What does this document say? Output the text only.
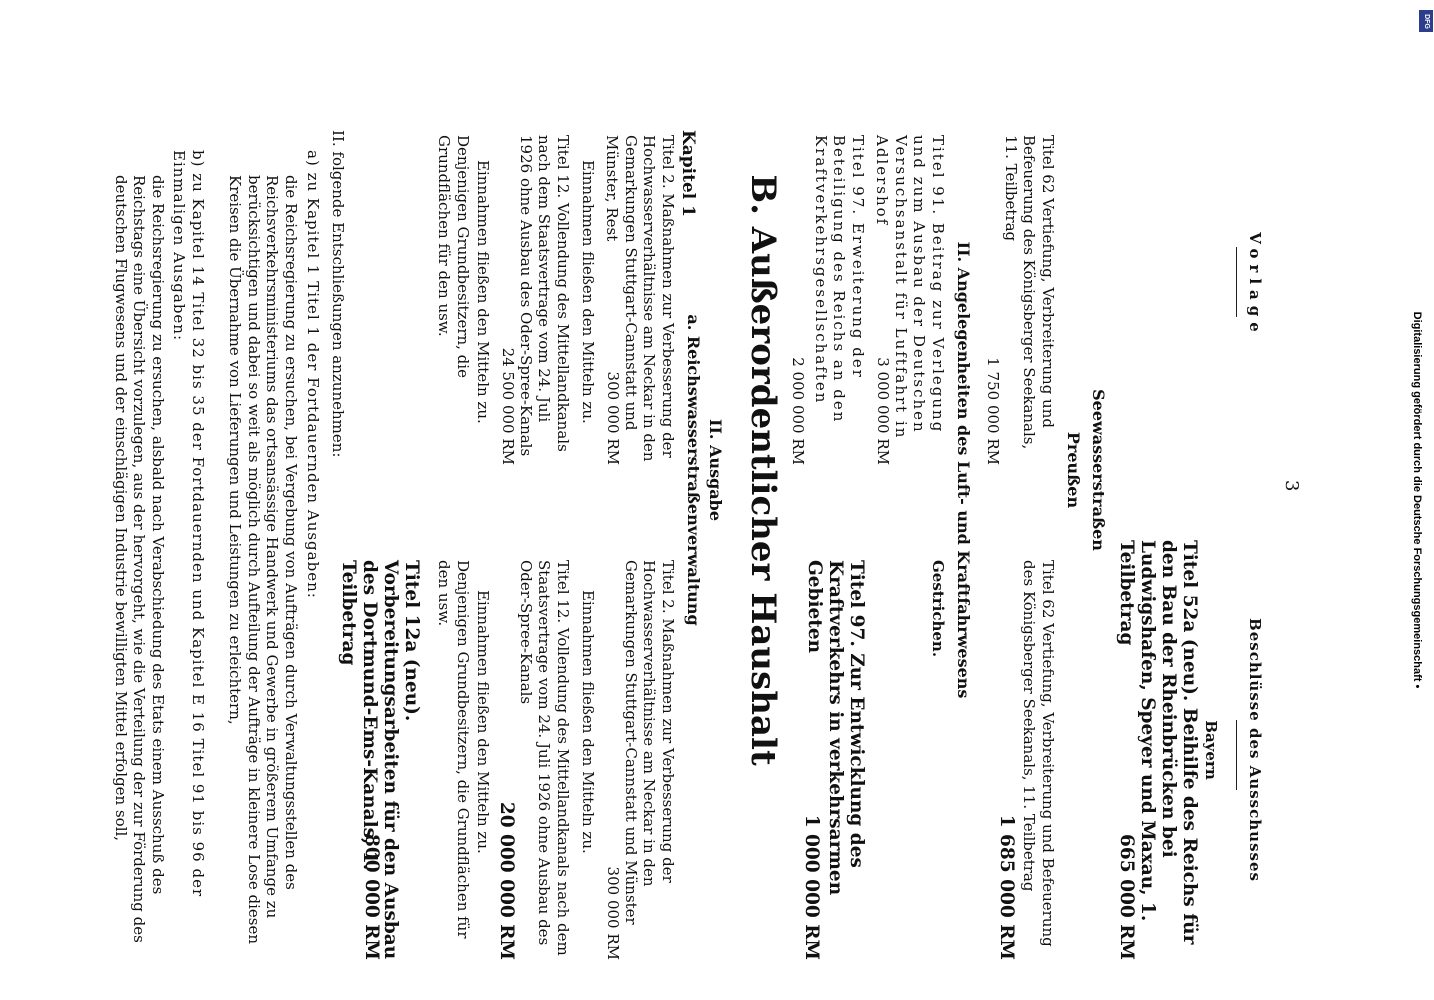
3
Vorlage
Beschlüsse des Ausschusses
Bayern
Titel 52a (neu). Beihilfe des Reichs für den Bau der Rheinbrücken bei Ludwigshafen, Speyer und Maxau, 1. Teilbetrag
665 000 RM
Seewasserstraßen
Preußen
Titel 62 Vertiefung, Verbreiterung und Befeuerung des Königsberger Seekanals, 11. Teilbetrag
1 750 000 RM
Titel 62 Vertiefung, Verbreiterung und Befeuerung des Königsberger Seekanals, 11. Teilbetrag
1 685 000 RM
II. Angelegenheiten des Luft- und Kraftfahrwesens
Titel 91. Beitrag zur Verlegung und zum Ausbau der Deutschen Versuchsanstalt für Luftfahrt in Adlershof
3 000 000 RM
Gestrichen.
Titel 97. Erweiterung der Beteiligung des Reichs an den Kraftverkehrsgesellschaften
2 000 000 RM
Titel 97. Zur Entwicklung des Kraftverkehrs in verkehrsarmen Gebieten
1 000 000 RM
B. Außerordentlicher Haushalt
II. Ausgabe
a. Reichswasserstraßenverwaltung
Kapitel 1
Titel 2. Maßnahmen zur Verbesserung der Hochwasserverhältnisse am Neckar in den Gemarkungen Stuttgart-Cannstatt und Münster, Rest
300 000 RM
Einnahmen fließen den Mitteln zu.
Titel 12. Vollendung des Mittellandkanals nach dem Staatsvertrage vom 24. Juli 1926 ohne Ausbau des Oder-Spree-Kanals
24 500 000 RM
Einnahmen fließen den Mitteln zu.
Denjenigen Grundbesitzern, die Grundflächen für den usw.
Titel 2. Maßnahmen zur Verbesserung der Hochwasserverhältnisse am Neckar in den Gemarkungen Stuttgart-Cannstatt und Münster
300 000 RM
Einnahmen fließen den Mitteln zu.
Titel 12. Vollendung des Mittellandkanals nach dem Staatsvertrage vom 24. Juli 1926 ohne Ausbau des Oder-Spree-Kanals
20 000 000 RM
Einnahmen fließen den Mitteln zu.
Denjenigen Grundbesitzern, die Grundflächen für den usw.
Titel 12a (neu). Vorbereitungsarbeiten für den Ausbau des Dortmund-Ems-Kanals, 1. Teilbetrag
800 000 RM
II. folgende Entschließungen anzunehmen:
a) zu Kapitel 1 Titel 1 der Fortdauernden Ausgaben:
die Reichsregierung zu ersuchen, bei Vergebung von Aufträgen durch Verwaltungsstellen des Reichsverkehrsministeriums das ortsansässige Handwerk und Gewerbe in größerem Umfange zu berücksichtigen und dabei so weit als möglich durch Aufteilung der Aufträge in kleinere Lose diesen Kreisen die Übernahme von Lieferungen und Leistungen zu erleichtern,
b) zu Kapitel 14 Titel 32 bis 35 der Fortdauernden und Kapitel E 16 Titel 91 bis 96 der Einmaligen Ausgaben:
die Reichsregierung zu ersuchen, alsbald nach Verabschiedung des Etats einem Ausschuß des Reichstags eine Übersicht vorzulegen, aus der hervorgeht, wie die Verteilung der zur Förderung des deutschen Flugwesens und der einschlägigen Industrie bewilligten Mittel erfolgen soll,	Digitalisierung gefördert durch die Deutsche Forschungsgemeinschaft •
DFG
